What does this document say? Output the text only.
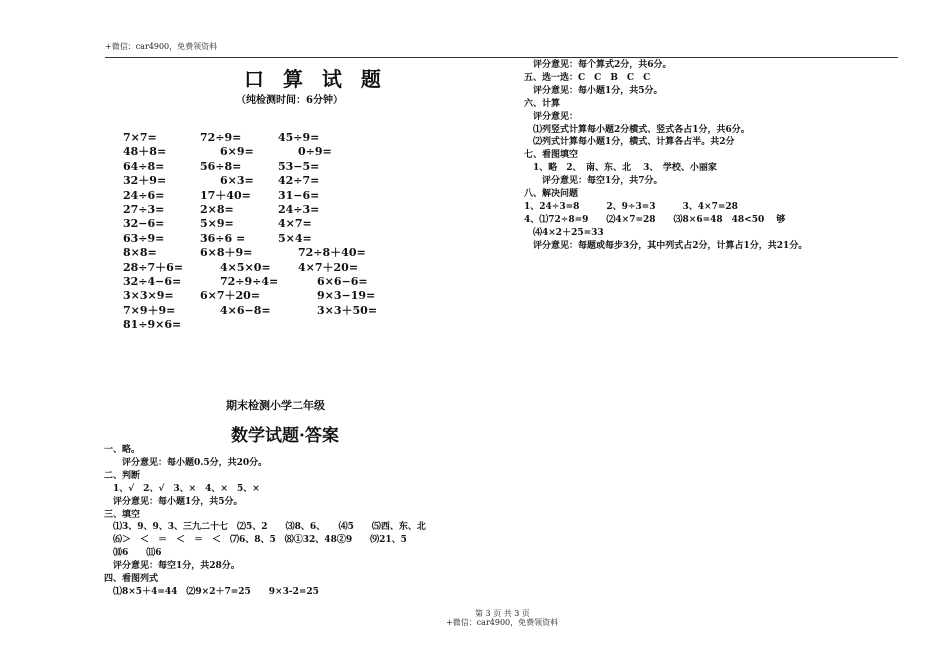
+微信：car4900，免费领资料
口 算 试 题
（纯检测时间：6分钟）
7×7=
48＋8=
64÷8=
32＋9=
24÷6=
27÷3=
32−6=
63÷9=
8×8=
28÷7＋6=
32÷4−6=
3×3×9=
7×9＋9=
81÷9×6=
72÷9=
6×9=
56÷8=
6×3=
17＋40=
2×8=
5×9=
36÷6 =
6×8＋9=
4×5×0=
72÷9÷4=
6×7＋20=
4×6−8=
45÷9=
0÷9=
53−5=
42÷7=
31−6=
24÷3=
4×7=
5×4=
72÷8＋40=
4×7＋20=
6×6−6=
9×3−19=
3×3＋50=
期末检测小学二年级
数学试题·答案
一、略。
　　评分意见：每小题0.5分，共20分。
二、判断
　1、√　2、√　3、×　4、×　5、×
　评分意见：每小题1分，共5分。
三、填空
　⑴3、9、9、3、三九二十七　⑵5、2　　⑶8、6、　　⑷5　　⑸西、东、北
　⑹＞　＜　＝　＜　＝　＜　⑺6、8、5　⑻①32、48②9　　⑼21、5
　⑽6　　⑾6
　评分意见：每空1分，共28分。
四、看图列式
　⑴8×5＋4=44　⑵9×2＋7=25　　9×3-2=25
　评分意见：每个算式2分，共6分。
五、选一选：C　C　B　C　C
　评分意见：每小题1分，共5分。
六、计算
　评分意见：
　⑴列竖式计算每小题2分横式、竖式各占1分，共6分。
　⑵列式计算每小题1分，横式、计算各占半。共2分
七、看图填空
　1、略　2、　南、东、北　 3、　学校、小丽家
　　评分意见：每空1分，共7分。
八、解决问题
1、24÷3=8　　　2、9÷3=3　　　3、4×7=28
4、⑴72÷8=9　　⑵4×7=28　　⑶8×6=48　48<50　 够
　⑷4×2＋25=33
　评分意见：每题或每步3分，其中列式占2分，计算占1分，共21分。
第 3 页 共 3 页
+微信：car4900，免费领资料
